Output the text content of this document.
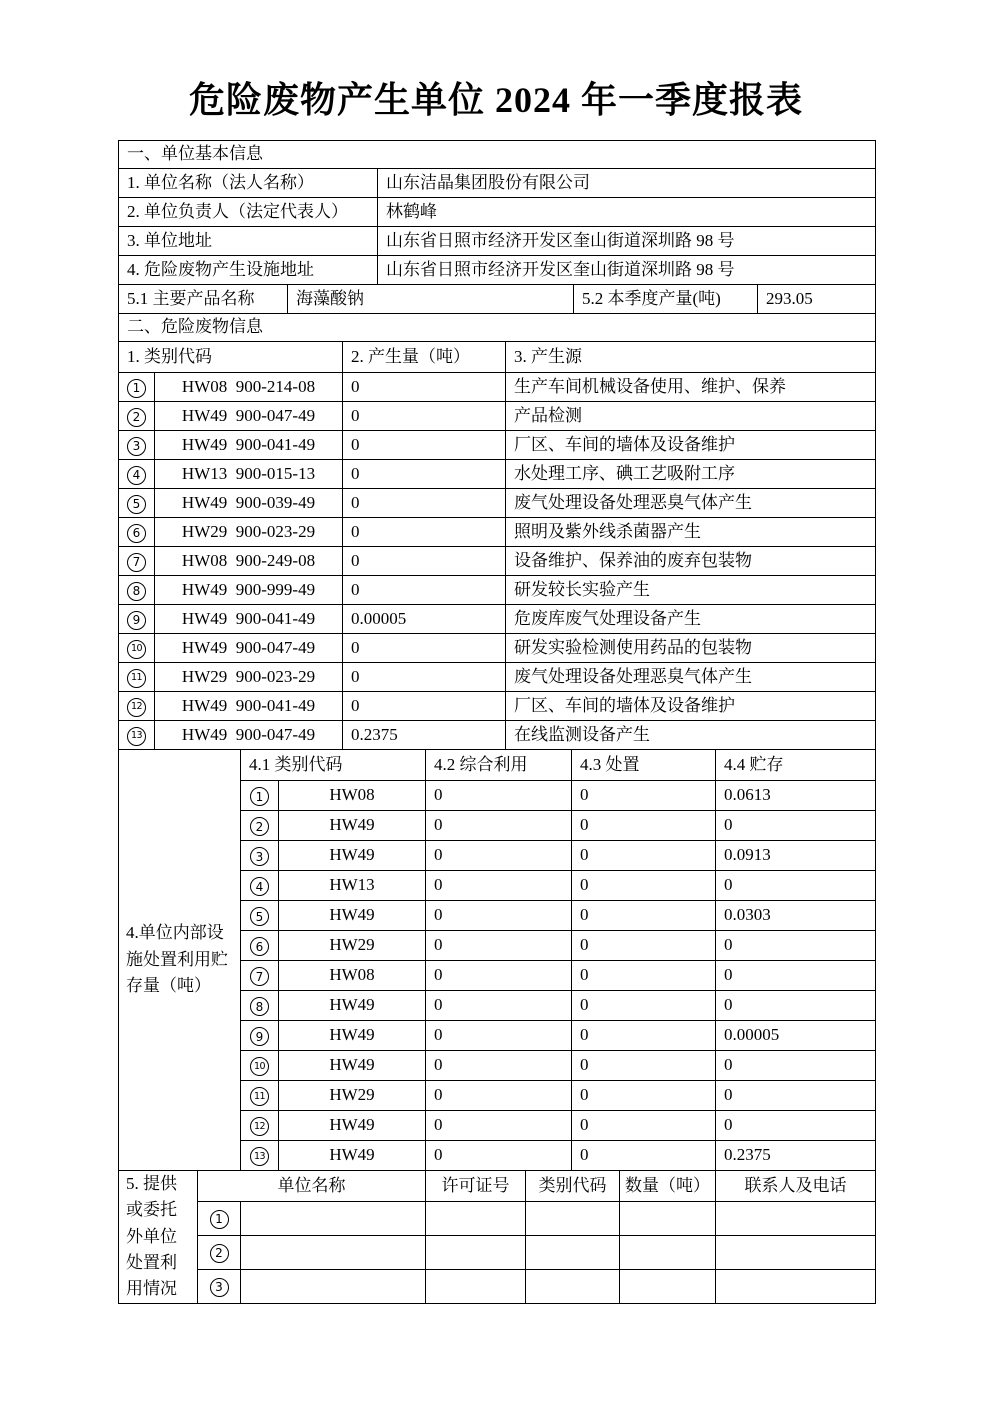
危险废物产生单位 2024 年一季度报表
一、单位基本信息				
1. 单位名称（法人名称）		山东洁晶集团股份有限公司		
2. 单位负责人（法定代表人）		林鹤峰		
3. 单位地址		山东省日照市经济开发区奎山街道深圳路 98 号		
4. 危险废物产生设施地址		山东省日照市经济开发区奎山街道深圳路 98 号		
5.1 主要产品名称	海藻酸钠		5.2 本季度产量(吨)	293.05
二、危险废物信息			
1. 类别代码		2. 产生量（吨）	3. 产生源
1	HW08  900-214-08	0	生产车间机械设备使用、维护、保养
2	HW49  900-047-49	0	产品检测
3	HW49  900-041-49	0	厂区、车间的墙体及设备维护
4	HW13  900-015-13	0	水处理工序、碘工艺吸附工序
5	HW49  900-039-49	0	废气处理设备处理恶臭气体产生
6	HW29  900-023-29	0	照明及紫外线杀菌器产生
7	HW08  900-249-08	0	设备维护、保养油的废弃包装物
8	HW49  900-999-49	0	研发较长实验产生
9	HW49  900-041-49	0.00005	危废库废气处理设备产生
10	HW49  900-047-49	0	研发实验检测使用药品的包装物
11	HW29  900-023-29	0	废气处理设备处理恶臭气体产生
12	HW49  900-041-49	0	厂区、车间的墙体及设备维护
13	HW49  900-047-49	0.2375	在线监测设备产生
4.单位内部设施处置利用贮存量（吨）	4.1 类别代码		4.2 综合利用	4.3 处置	4.4 贮存
	1	HW08	0	0	0.0613
	2	HW49	0	0	0
	3	HW49	0	0	0.0913
	4	HW13	0	0	0
	5	HW49	0	0	0.0303
	6	HW29	0	0	0
	7	HW08	0	0	0
	8	HW49	0	0	0
	9	HW49	0	0	0.00005
	10	HW49	0	0	0
	11	HW29	0	0	0
	12	HW49	0	0	0
	13	HW49	0	0	0.2375
5. 提供或委托外单位处置利用情况	单位名称		许可证号	类别代码	数量（吨）	联系人及电话
	1					
	2					
	3					
